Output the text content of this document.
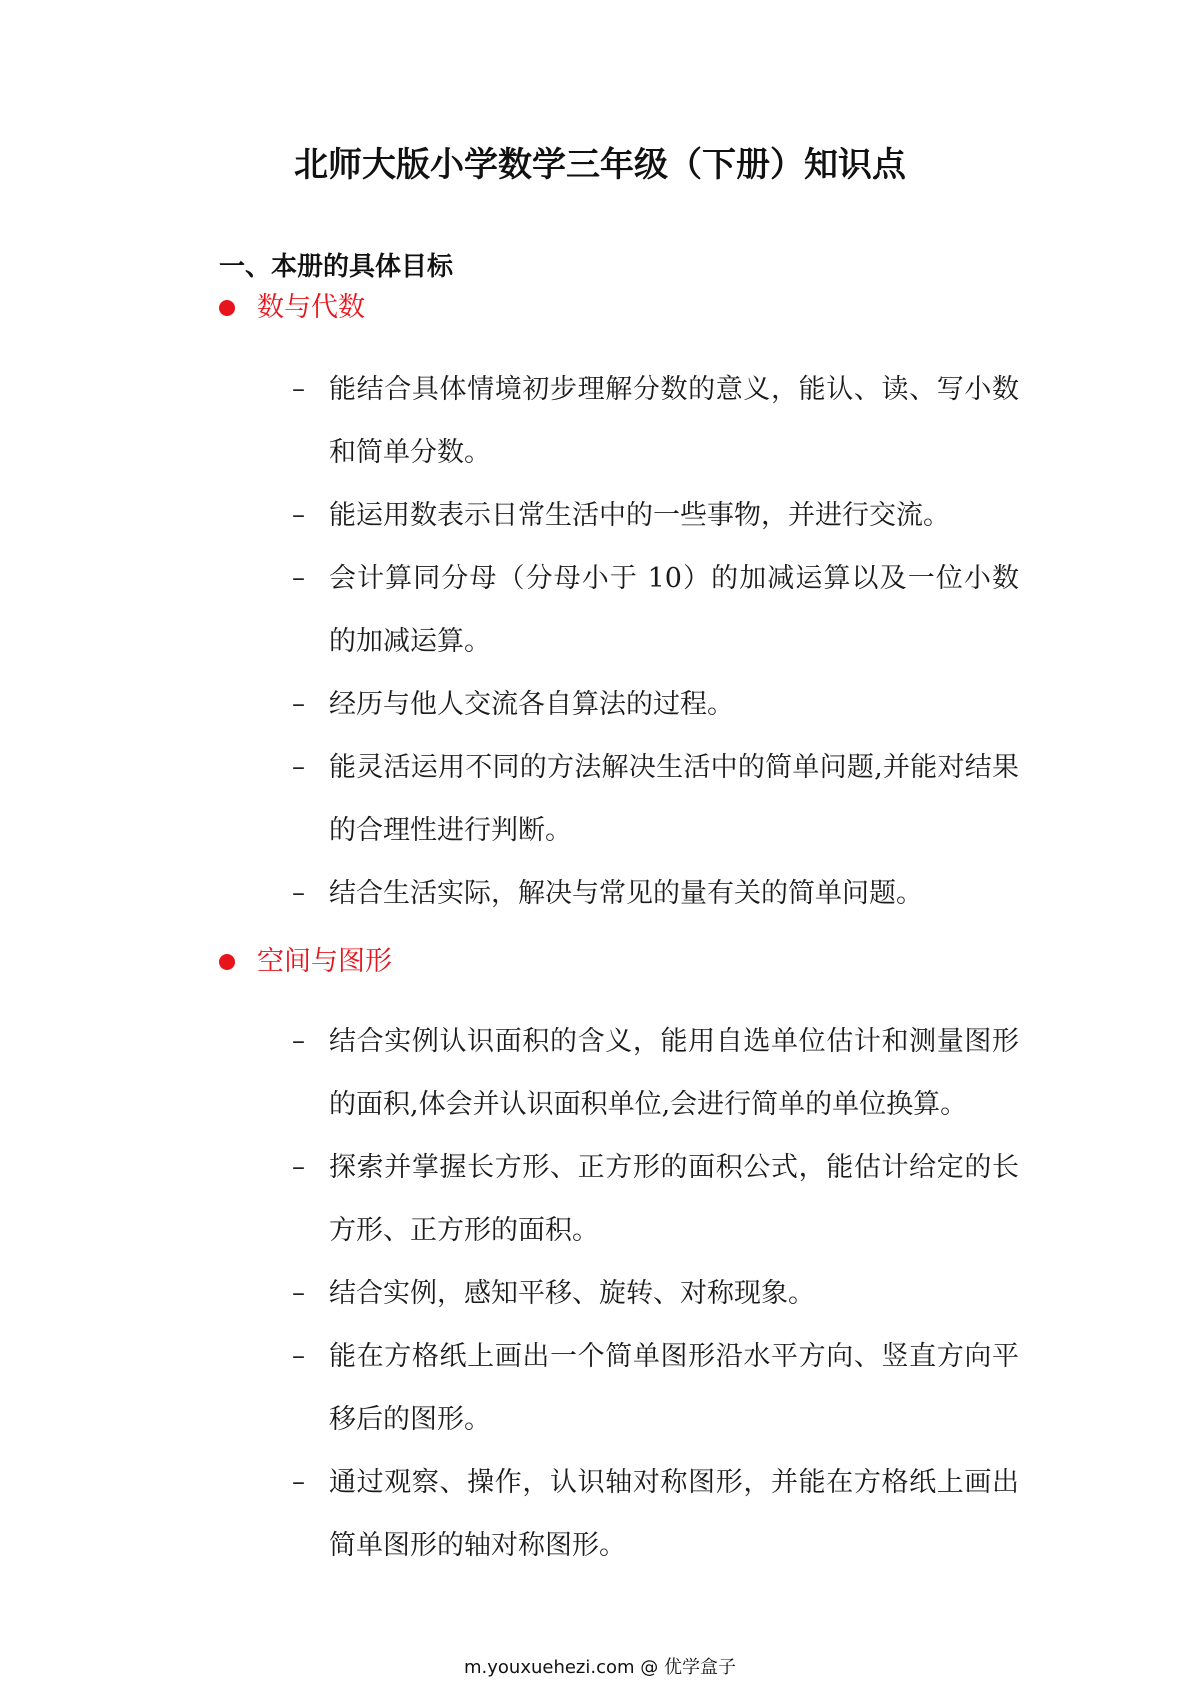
北师大版小学数学三年级（下册）知识点
一、本册的具体目标
数与代数
– 能结合具体情境初步理解分数的意义，能认、读、写小数和简单分数。
– 能运用数表示日常生活中的一些事物，并进行交流。
– 会计算同分母（分母小于 10）的加减运算以及一位小数的加减运算。
– 经历与他人交流各自算法的过程。
– 能灵活运用不同的方法解决生活中的简单问题,并能对结果的合理性进行判断。
– 结合生活实际，解决与常见的量有关的简单问题。
空间与图形
– 结合实例认识面积的含义，能用自选单位估计和测量图形的面积,体会并认识面积单位,会进行简单的单位换算。
– 探索并掌握长方形、正方形的面积公式，能估计给定的长方形、正方形的面积。
– 结合实例，感知平移、旋转、对称现象。
– 能在方格纸上画出一个简单图形沿水平方向、竖直方向平移后的图形。
– 通过观察、操作，认识轴对称图形，并能在方格纸上画出简单图形的轴对称图形。
m.youxuehezi.com @ 优学盒子
